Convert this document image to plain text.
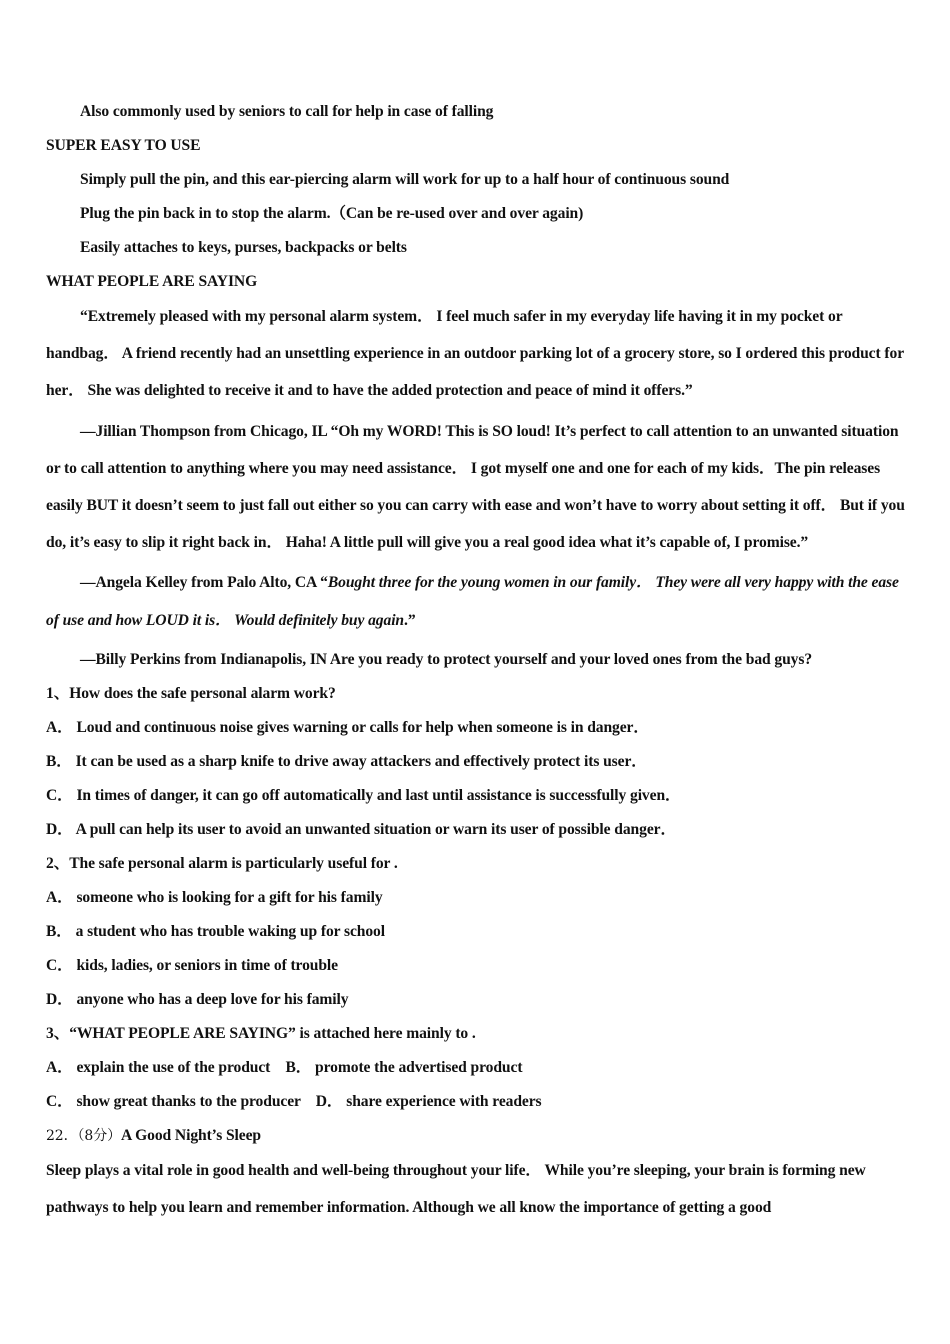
Also commonly used by seniors to call for help in case of falling
SUPER EASY TO USE
Simply pull the pin, and this ear-piercing alarm will work for up to a half hour of continuous sound
Plug the pin back in to stop the alarm.（Can be re-used over and over again)
Easily attaches to keys, purses, backpacks or belts
WHAT PEOPLE ARE SAYING
“Extremely pleased with my personal alarm system． I feel much safer in my everyday life having it in my pocket or handbag． A friend recently had an unsettling experience in an outdoor parking lot of a grocery store, so I ordered this product for her． She was delighted to receive it and to have the added protection and peace of mind it offers.”
—Jillian Thompson from Chicago, IL “Oh my WORD! This is SO loud! It’s perfect to call attention to an unwanted situation or to call attention to anything where you may need assistance． I got myself one and one for each of my kids．The pin releases easily BUT it doesn’t seem to just fall out either so you can carry with ease and won’t have to worry about setting it off． But if you do, it’s easy to slip it right back in． Haha! A little pull will give you a real good idea what it’s capable of, I promise.”
—Angela Kelley from Palo Alto, CA “Bought three for the young women in our family． They were all very happy with the ease of use and how LOUD it is． Would definitely buy again.”
—Billy Perkins from Indianapolis, IN Are you ready to protect yourself and your loved ones from the bad guys?
1、How does the safe personal alarm work?
A． Loud and continuous noise gives warning or calls for help when someone is in danger．
B． It can be used as a sharp knife to drive away attackers and effectively protect its user．
C． In times of danger, it can go off automatically and last until assistance is successfully given．
D． A pull can help its user to avoid an unwanted situation or warn its user of possible danger．
2、The safe personal alarm is particularly useful for .
A． someone who is looking for a gift for his family
B． a student who has trouble waking up for school
C． kids, ladies, or seniors in time of trouble
D． anyone who has a deep love for his family
3、“WHAT PEOPLE ARE SAYING” is attached here mainly to .
A． explain the use of the product    B． promote the advertised product
C． show great thanks to the producer    D． share experience with readers
22．（8分）A Good Night’s Sleep
Sleep plays a vital role in good health and well-being throughout your life． While you’re sleeping, your brain is forming new pathways to help you learn and remember information. Although we all know the importance of getting a good
